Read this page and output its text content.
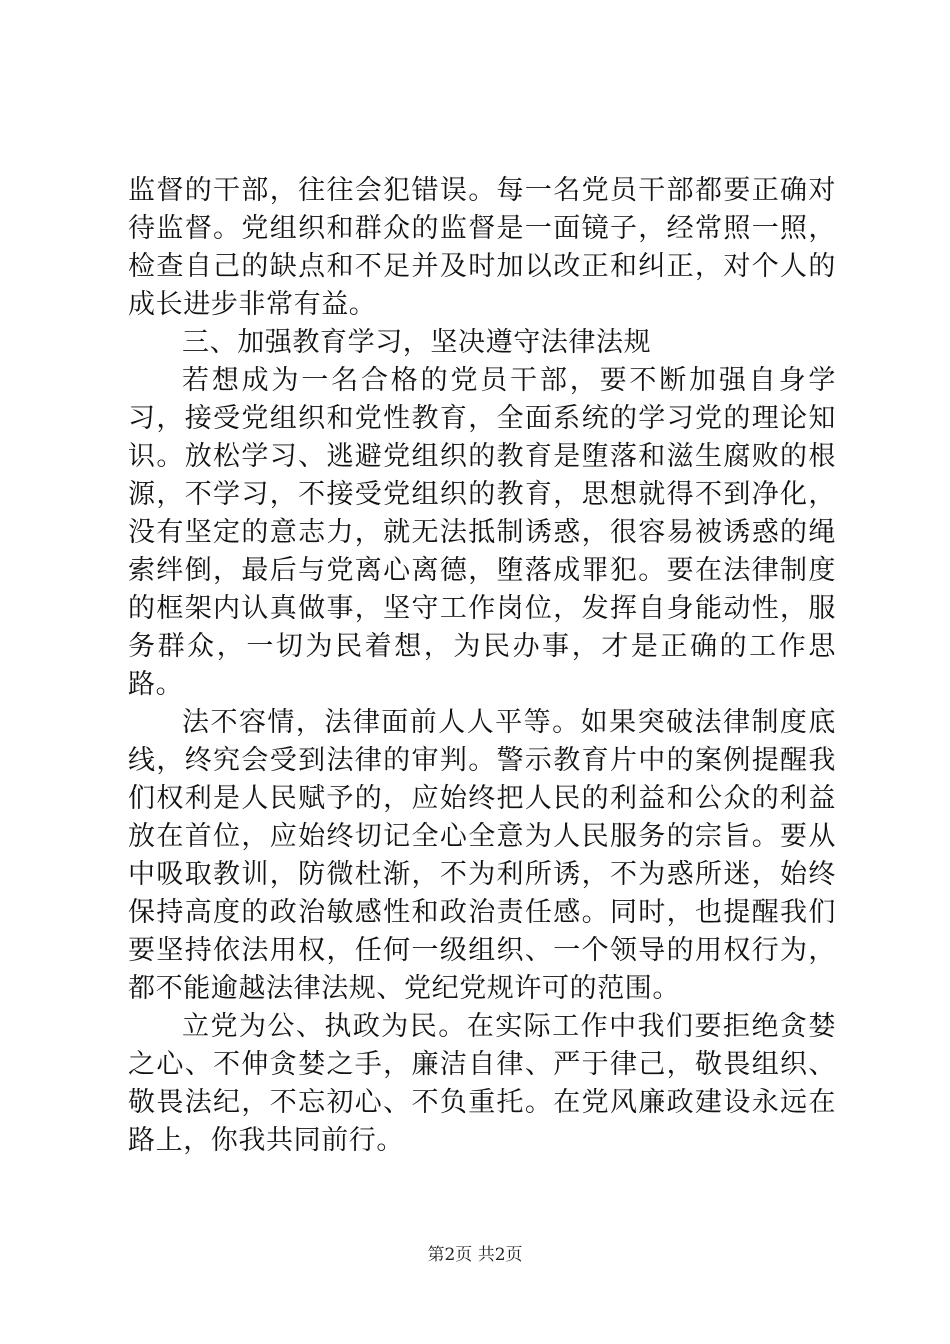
监督的干部，往往会犯错误。每一名党员干部都要正确对待监督。党组织和群众的监督是一面镜子，经常照一照，检查自己的缺点和不足并及时加以改正和纠正，对个人的成长进步非常有益。

三、加强教育学习，坚决遵守法律法规

若想成为一名合格的党员干部，要不断加强自身学习，接受党组织和党性教育，全面系统的学习党的理论知识。放松学习、逃避党组织的教育是堕落和滋生腐败的根源，不学习，不接受党组织的教育，思想就得不到净化，没有坚定的意志力，就无法抵制诱惑，很容易被诱惑的绳索绊倒，最后与党离心离德，堕落成罪犯。要在法律制度的框架内认真做事，坚守工作岗位，发挥自身能动性，服务群众，一切为民着想，为民办事，才是正确的工作思路。

法不容情，法律面前人人平等。如果突破法律制度底线，终究会受到法律的审判。警示教育片中的案例提醒我们权利是人民赋予的，应始终把人民的利益和公众的利益放在首位，应始终切记全心全意为人民服务的宗旨。要从中吸取教训，防微杜渐，不为利所诱，不为惑所迷，始终保持高度的政治敏感性和政治责任感。同时，也提醒我们要坚持依法用权，任何一级组织、一个领导的用权行为，都不能逾越法律法规、党纪党规许可的范围。

立党为公、执政为民。在实际工作中我们要拒绝贪婪之心、不伸贪婪之手，廉洁自律、严于律己，敬畏组织、敬畏法纪，不忘初心、不负重托。在党风廉政建设永远在路上，你我共同前行。

第2页 共2页
